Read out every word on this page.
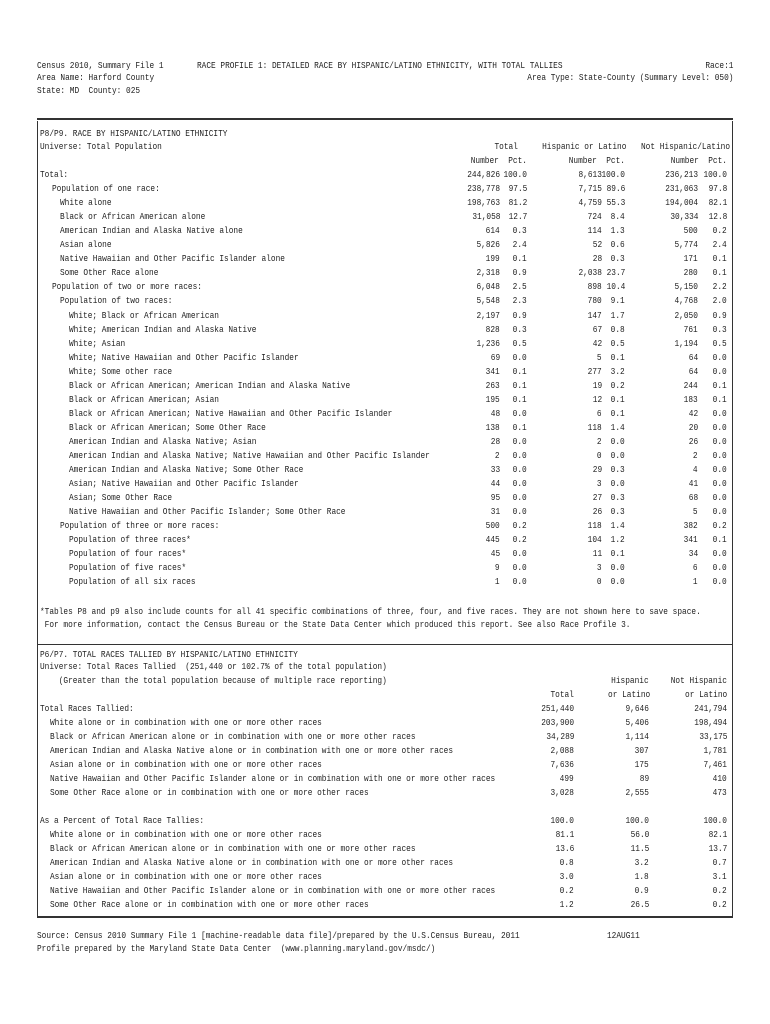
Census 2010, Summary File 1
Area Name: Harford County
State: MD  County: 025
RACE PROFILE 1: DETAILED RACE BY HISPANIC/LATINO ETHNICITY, WITH TOTAL TALLIES	Race:1
Area Type: State-County (Summary Level: 050)
P8/P9. RACE BY HISPANIC/LATINO ETHNICITY
Universe: Total Population	Total	Hispanic or Latino Not Hispanic/Latino
Number  Pct.	Number  Pct.	Number  Pct.
Total:	244,826 100.0	8,613 100.0	236,213 100.0
Population of one race:	238,778 97.5	7,715 89.6	231,063 97.8
White alone	198,763 81.2	4,759 55.3	194,004 82.1
Black or African American alone	31,058 12.7	724 8.4	30,334 12.8
American Indian and Alaska Native alone	614 0.3	114 1.3	500 0.2
Asian alone	5,826 2.4	52 0.6	5,774 2.4
Native Hawaiian and Other Pacific Islander alone	199 0.1	28 0.3	171 0.1
Some Other Race alone	2,318 0.9	2,038 23.7	280 0.1
Population of two or more races:	6,048 2.5	898 10.4	5,150 2.2
Population of two races:	5,548 2.3	780 9.1	4,768 2.0
White; Black or African American	2,197 0.9	147 1.7	2,050 0.9
White; American Indian and Alaska Native	828 0.3	67 0.8	761 0.3
White; Asian	1,236 0.5	42 0.5	1,194 0.5
White; Native Hawaiian and Other Pacific Islander	69 0.0	5 0.1	64 0.0
White; Some other race	341 0.1	277 3.2	64 0.0
Black or African American; American Indian and Alaska Native	263 0.1	19 0.2	244 0.1
Black or African American; Asian	195 0.1	12 0.1	183 0.1
Black or African American; Native Hawaiian and Other Pacific Islander	48 0.0	6 0.1	42 0.0
Black or African American; Some Other Race	138 0.1	118 1.4	20 0.0
American Indian and Alaska Native; Asian	28 0.0	2 0.0	26 0.0
American Indian and Alaska Native; Native Hawaiian and Other Pacific Islander	2 0.0	0 0.0	2 0.0
American Indian and Alaska Native; Some Other Race	33 0.0	29 0.3	4 0.0
Asian; Native Hawaiian and Other Pacific Islander	44 0.0	3 0.0	41 0.0
Asian; Some Other Race	95 0.0	27 0.3	68 0.0
Native Hawaiian and Other Pacific Islander; Some Other Race	31 0.0	26 0.3	5 0.0
Population of three or more races:	500 0.2	118 1.4	382 0.2
Population of three races*	445 0.2	104 1.2	341 0.1
Population of four races*	45 0.0	11 0.1	34 0.0
Population of five races*	9 0.0	3 0.0	6 0.0
Population of all six races	1 0.0	0 0.0	1 0.0
*Tables P8 and p9 also include counts for all 41 specific combinations of three, four, and five races. They are not shown here to save space.
For more information, contact the Census Bureau or the State Data Center which produced this report. See also Race Profile 3.
P6/P7. TOTAL RACES TALLIED BY HISPANIC/LATINO ETHNICITY
Universe: Total Races Tallied  (251,440 or 102.7% of the total population)
(Greater than the total population because of multiple race reporting)	Hispanic Not Hispanic
Total	or Latino	or Latino
Total Races Tallied:	251,440	9,646	241,794
White alone or in combination with one or more other races	203,900	5,406	198,494
Black or African American alone or in combination with one or more other races	34,289	1,114	33,175
American Indian and Alaska Native alone or in combination with one or more other races	2,088	307	1,781
Asian alone or in combination with one or more other races	7,636	175	7,461
Native Hawaiian and Other Pacific Islander alone or in combination with one or more other races	499	89	410
Some Other Race alone or in combination with one or more other races	3,028	2,555	473
As a Percent of Total Race Tallies:	100.0	100.0	100.0
White alone or in combination with one or more other races	81.1	56.0	82.1
Black or African American alone or in combination with one or more other races	13.6	11.5	13.7
American Indian and Alaska Native alone or in combination with one or more other races	0.8	3.2	0.7
Asian alone or in combination with one or more other races	3.0	1.8	3.1
Native Hawaiian and Other Pacific Islander alone or in combination with one or more other races	0.2	0.9	0.2
Some Other Race alone or in combination with one or more other races	1.2	26.5	0.2
Source: Census 2010 Summary File 1 [machine-readable data file]/prepared by the U.S.Census Bureau, 2011	12AUG11
Profile prepared by the Maryland State Data Center  (www.planning.maryland.gov/msdc/)
